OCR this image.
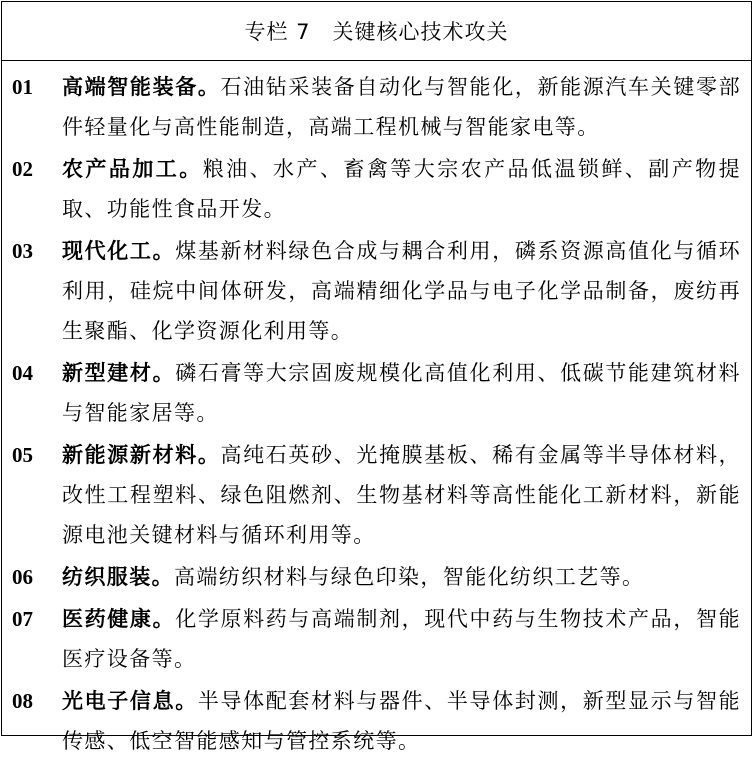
专栏 7 关键核心技术攻关
01	高端智能装备。石油钻采装备自动化与智能化，新能源汽车关键零部件轻量化与高性能制造，高端工程机械与智能家电等。
02	农产品加工。粮油、水产、畜禽等大宗农产品低温锁鲜、副产物提取、功能性食品开发。
03	现代化工。煤基新材料绿色合成与耦合利用，磷系资源高值化与循环利用，硅烷中间体研发，高端精细化学品与电子化学品制备，废纺再生聚酯、化学资源化利用等。
04	新型建材。磷石膏等大宗固废规模化高值化利用、低碳节能建筑材料与智能家居等。
05	新能源新材料。高纯石英砂、光掩膜基板、稀有金属等半导体材料，改性工程塑料、绿色阻燃剂、生物基材料等高性能化工新材料，新能源电池关键材料与循环利用等。
06	纺织服装。高端纺织材料与绿色印染，智能化纺织工艺等。
07	医药健康。化学原料药与高端制剂，现代中药与生物技术产品，智能医疗设备等。
08	光电子信息。半导体配套材料与器件、半导体封测，新型显示与智能传感、低空智能感知与管控系统等。
